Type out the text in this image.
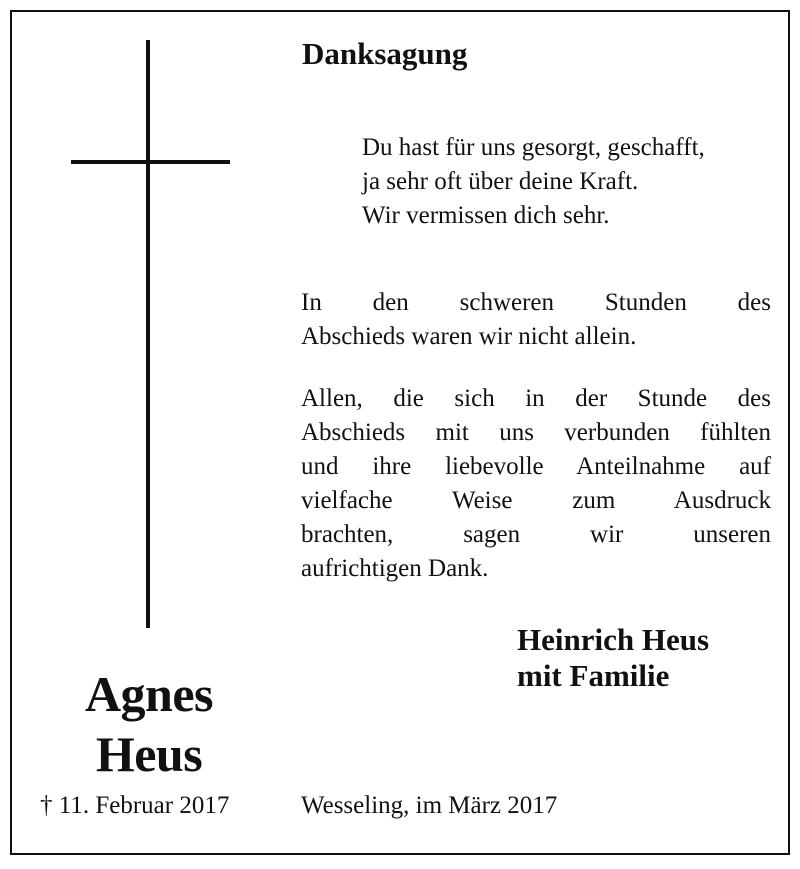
Danksagung
Du hast für uns gesorgt, geschafft,
ja sehr oft über deine Kraft.
Wir vermissen dich sehr.
In den schweren Stunden des
Abschieds waren wir nicht allein.
Allen, die sich in der Stunde des
Abschieds mit uns verbunden fühlten
und ihre liebevolle Anteilnahme auf
vielfache Weise zum Ausdruck
brachten, sagen wir unseren
aufrichtigen Dank.
Heinrich Heus
mit Familie
Agnes
Heus
† 11. Februar 2017	Wesseling, im März 2017
